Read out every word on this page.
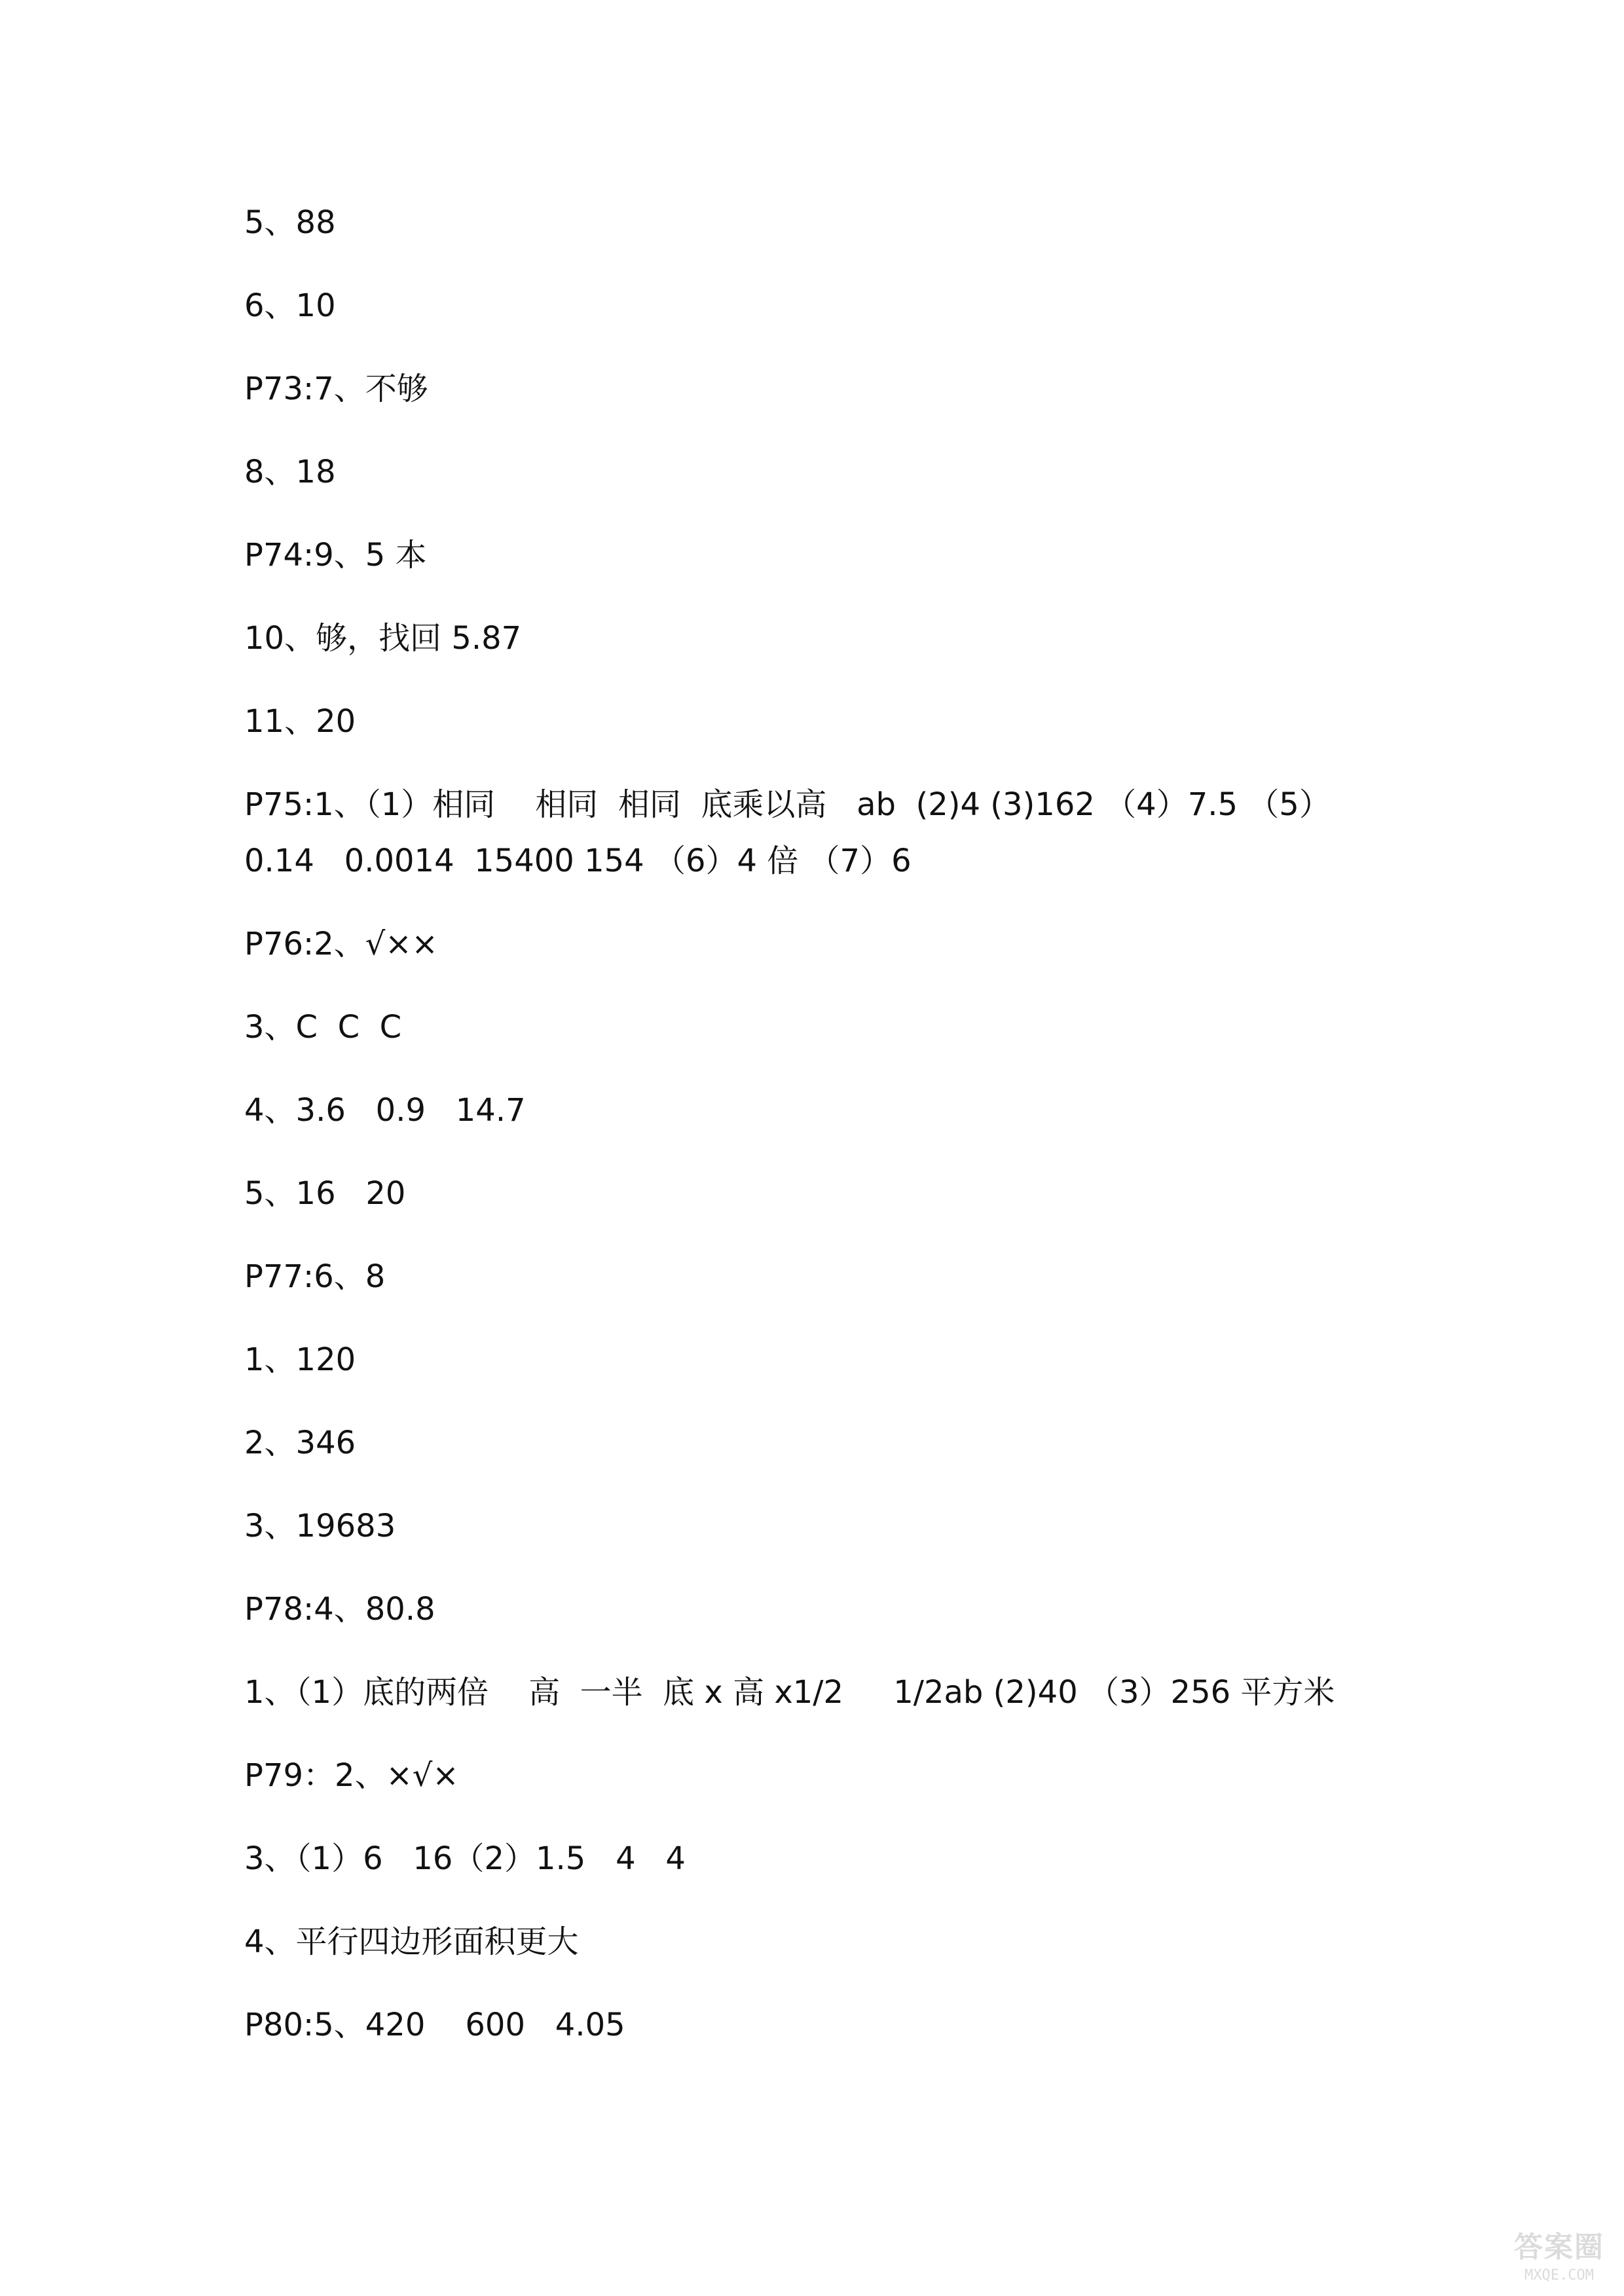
5、88
6、10
P73:7、不够
8、18
P74:9、5 本
10、够，找回 5.87
11、20
P75:1、（1）相同    相同  相同  底乘以高   ab  (2)4 (3)162 （4）7.5 （5）
0.14   0.0014  15400 154 （6）4 倍 （7）6
P76:2、√××
3、C  C  C
4、3.6   0.9   14.7
5、16   20
P77:6、8
1、120
2、346
3、19683
P78:4、80.8
1、（1）底的两倍    高  一半  底 x 高 x1/2     1/2ab (2)40 （3）256 平方米
P79：2、×√×
3、（1）6   16（2）1.5   4   4
4、平行四边形面积更大
P80:5、420    600   4.05
答案圈
MXQE.COM
